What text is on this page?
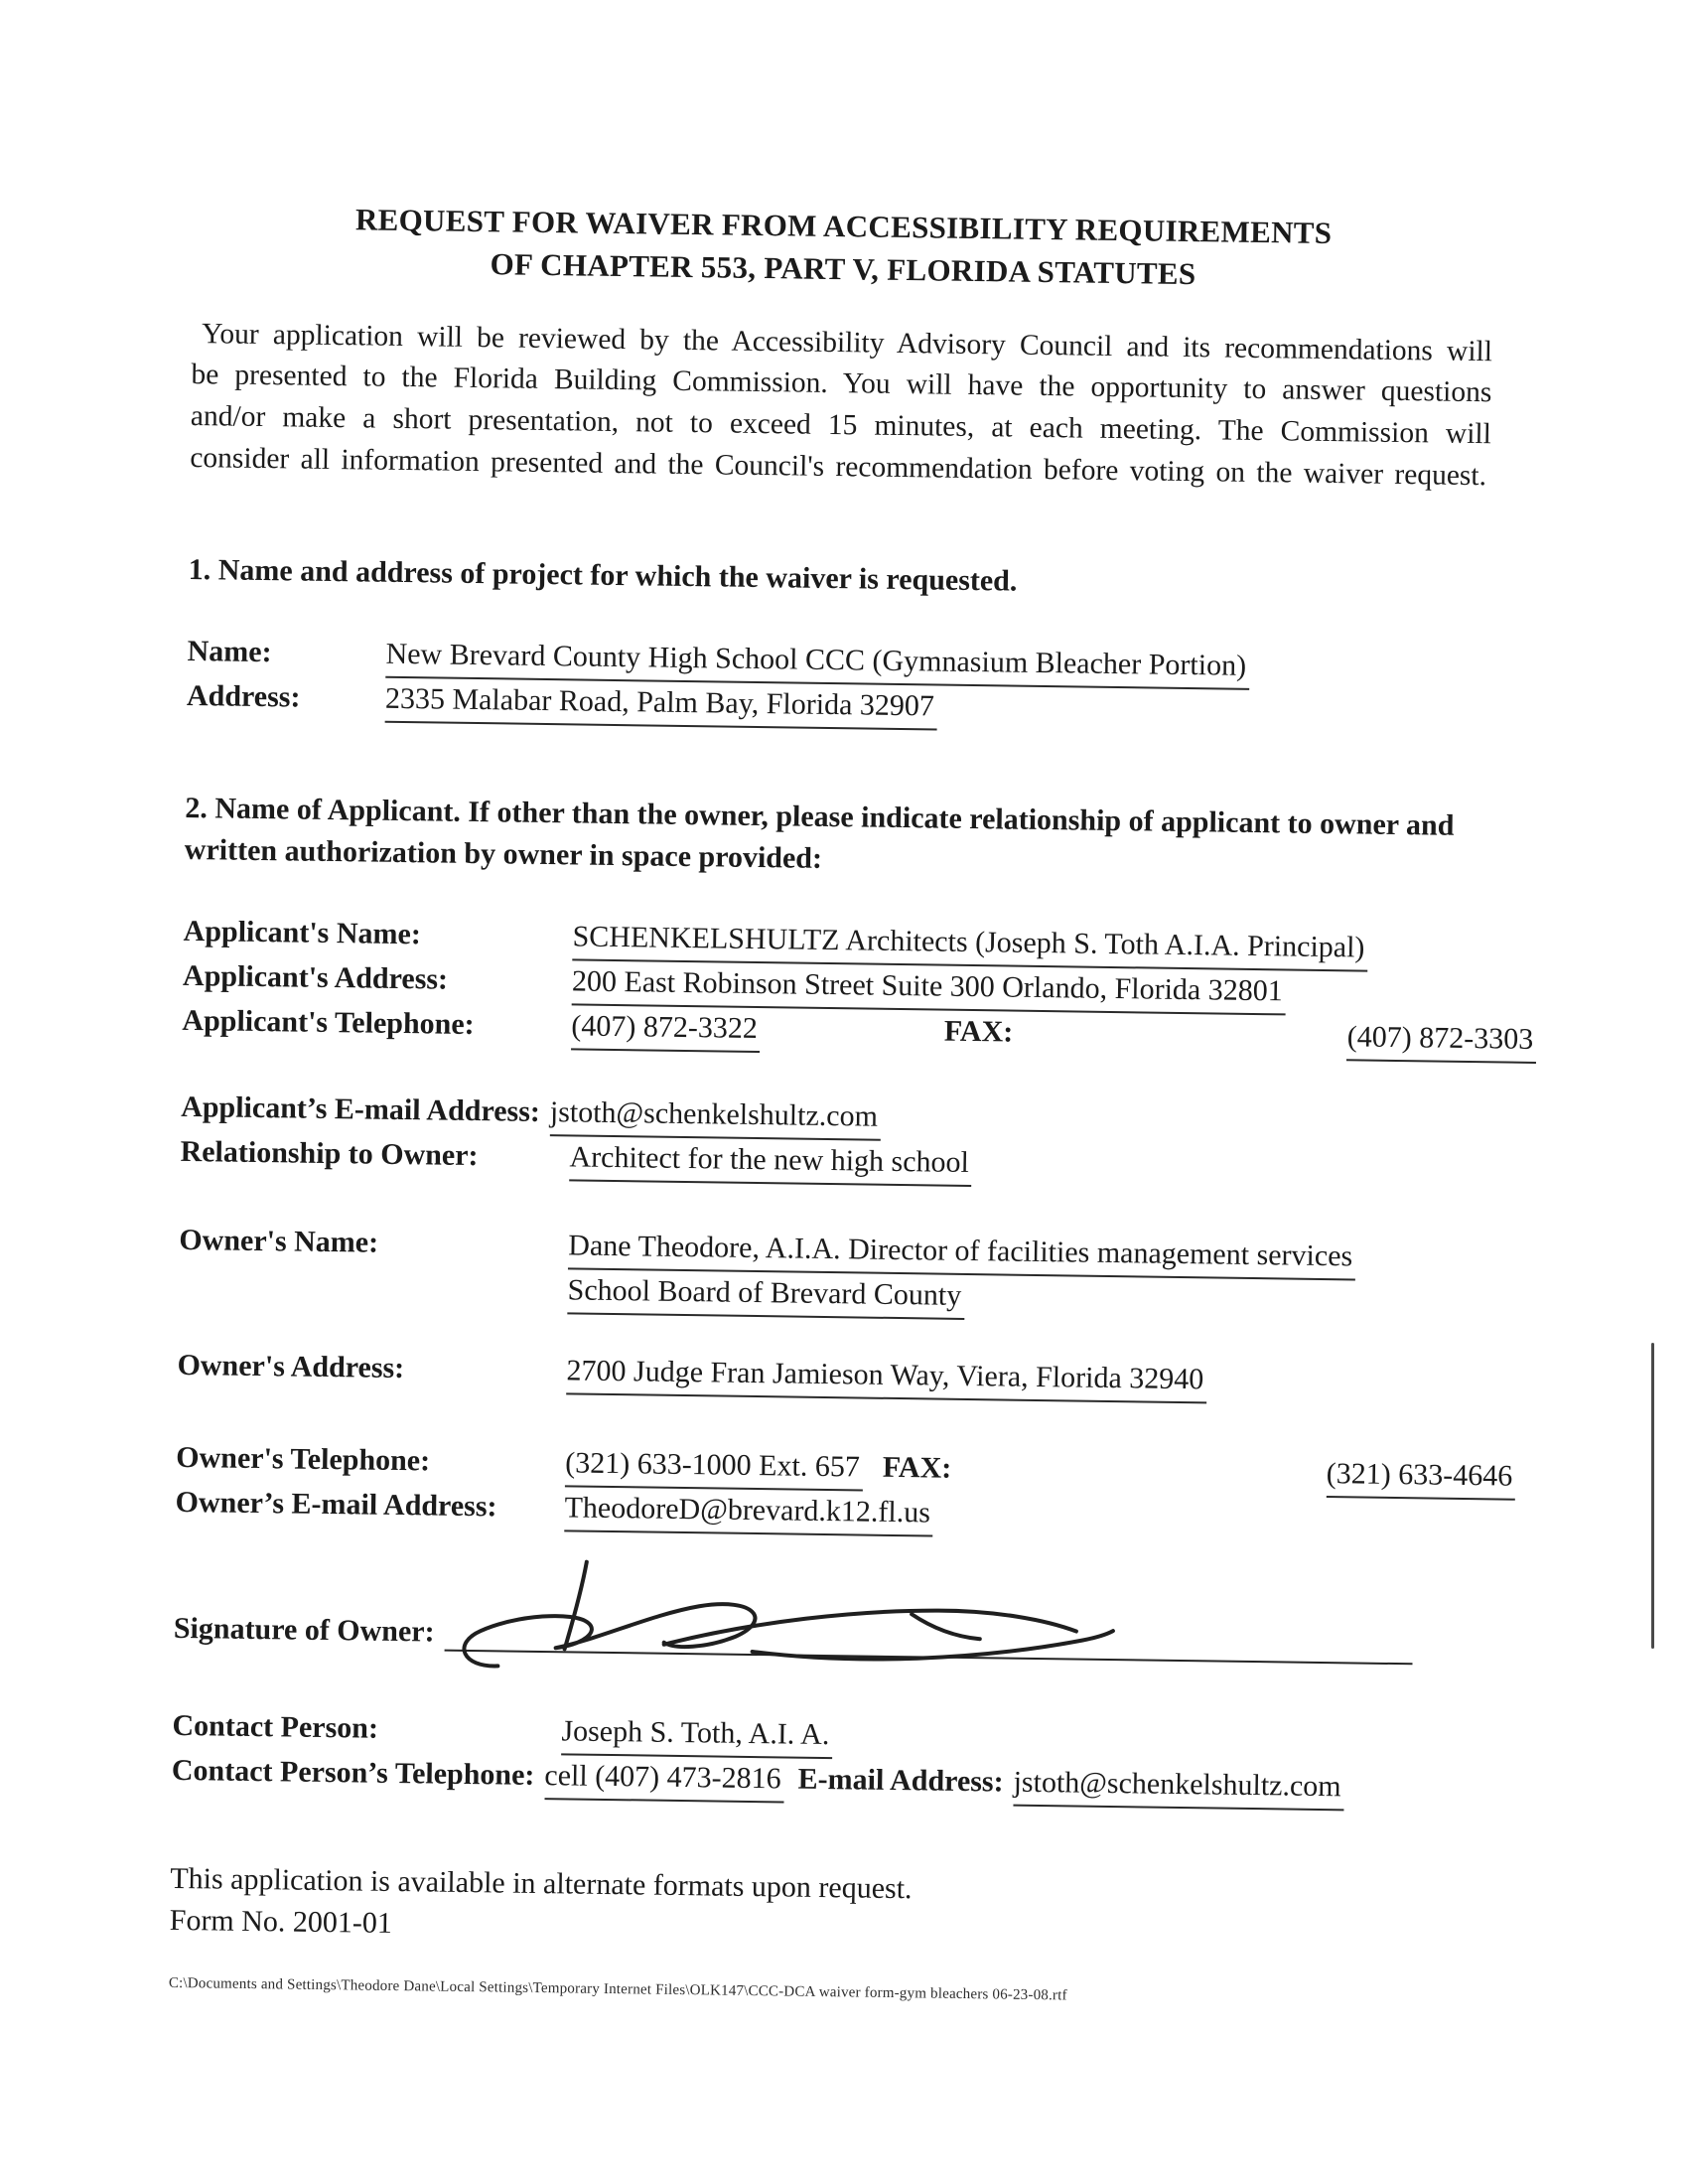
REQUEST FOR WAIVER FROM ACCESSIBILITY REQUIREMENTS
OF CHAPTER 553, PART V, FLORIDA STATUTES

Your application will be reviewed by the Accessibility Advisory Council and its recommendations will be presented to the Florida Building Commission. You will have the opportunity to answer questions and/or make a short presentation, not to exceed 15 minutes, at each meeting. The Commission will consider all information presented and the Council's recommendation before voting on the waiver request.

1. Name and address of project for which the waiver is requested.
Name:	New Brevard County High School CCC (Gymnasium Bleacher Portion)
Address:	2335 Malabar Road, Palm Bay, Florida 32907
2. Name of Applicant. If other than the owner, please indicate relationship of applicant to owner and written authorization by owner in space provided:
Applicant's Name:	SCHENKELSHULTZ Architects (Joseph S. Toth A.I.A. Principal)
Applicant's Address:	200 East Robinson Street Suite 300 Orlando, Florida 32801
Applicant's Telephone:	(407) 872-3322	FAX:	(407) 872-3303
Applicant’s E-mail Address: jstoth@schenkelshultz.com
Relationship to Owner:	Architect for the new high school
Owner's Name:	Dane Theodore, A.I.A. Director of facilities management services
School Board of Brevard County
Owner's Address:	2700 Judge Fran Jamieson Way, Viera, Florida 32940
Owner's Telephone:	(321) 633-1000 Ext. 657 FAX:	(321) 633-4646
Owner’s E-mail Address:	TheodoreD@brevard.k12.fl.us
Signature of Owner:
Contact Person:	Joseph S. Toth, A.I. A.
Contact Person’s Telephone: cell (407) 473-2816 E-mail Address: jstoth@schenkelshultz.com
This application is available in alternate formats upon request.
Form No. 2001-01
C:\Documents and Settings\Theodore Dane\Local Settings\Temporary Internet Files\OLK147\CCC-DCA waiver form-gym bleachers 06-23-08.rtf
